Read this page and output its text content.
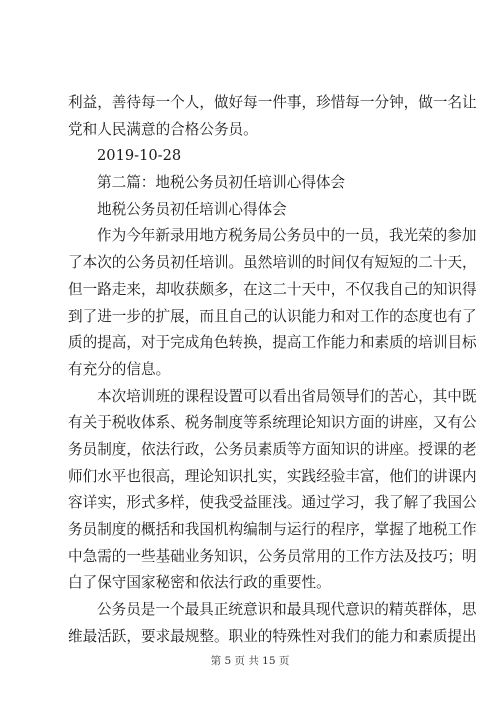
利益，善待每一个人，做好每一件事，珍惜每一分钟，做一名让
党和人民满意的合格公务员。
2019-10-28
第二篇：地税公务员初任培训心得体会
地税公务员初任培训心得体会
作为今年新录用地方税务局公务员中的一员，我光荣的参加
了本次的公务员初任培训。虽然培训的时间仅有短短的二十天，
但一路走来，却收获颇多，在这二十天中，不仅我自己的知识得
到了进一步的扩展，而且自己的认识能力和对工作的态度也有了
质的提高，对于完成角色转换，提高工作能力和素质的培训目标
有充分的信息。
本次培训班的课程设置可以看出省局领导们的苦心，其中既
有关于税收体系、税务制度等系统理论知识方面的讲座，又有公
务员制度，依法行政，公务员素质等方面知识的讲座。授课的老
师们水平也很高，理论知识扎实，实践经验丰富，他们的讲课内
容详实，形式多样，使我受益匪浅。通过学习，我了解了我国公
务员制度的概括和我国机构编制与运行的程序，掌握了地税工作
中急需的一些基础业务知识，公务员常用的工作方法及技巧；明
白了保守国家秘密和依法行政的重要性。
公务员是一个最具正统意识和最具现代意识的精英群体，思
维最活跃，要求最规整。职业的特殊性对我们的能力和素质提出
第 5 页 共 15 页
